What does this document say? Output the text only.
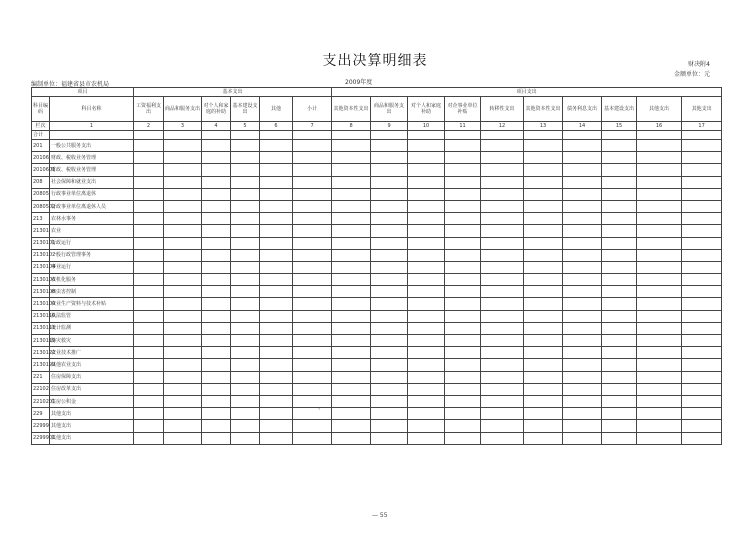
支出决算明细表	财决附4
金额单位：元
编制单位：福建省县市农机局	2009年度
项目		基本支出						项目支出									
科目编码	科目名称	工资福利支出	商品和服务支出	对个人和家庭的补助	基本建设支出	其他	小计	其他资本性支出	商品和服务支出	对个人和家庭补助	对企事业单位补贴	转移性支出	其他资本性支出	债务利息支出	基本建设支出	其他支出	其他支出
栏次	1	2	3	4	5	6	7	8	9	10	11	12	13	14	15	16	17
合计																	
201	一般公共服务支出																
20106	财政、税收业务管理																
2010601	财政、税收业务管理																
208	社会保障和就业支出																
20805	行政事业单位离退休																
2080502	行政事业单位离退休人员																
213	农林水事务																
21301	农业																
2130101	行政运行																
2130102	一般行政管理事务																
2130104	事业运行																
2130106	农机化服务																
2130108	病虫害控制																
2130109	农业生产资料与技术补贴																
2130110	执法监管																
2130111	统计监测																
2130119	防灾救灾																
2130122	农业技术推广																
2130199	其他农业支出																
221	住房保障支出																
22102	住房改革支出																
2210201	住房公积金																
229	其他支出																
22999	其他支出																
2299901	其他支出																
、
— 55
